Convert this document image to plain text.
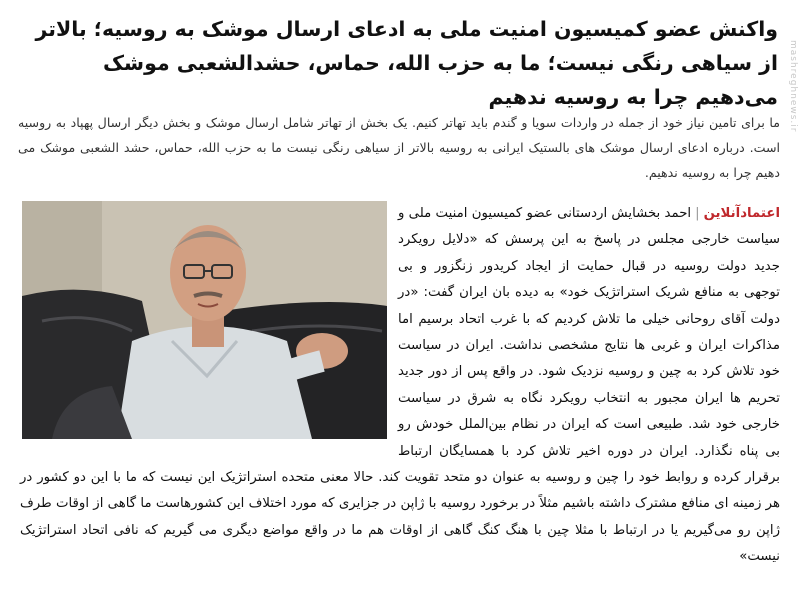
واکنش عضو کمیسیون امنیت ملی به ادعای ارسال موشک به روسیه؛ بالاتر از سیاهی رنگی نیست؛ ما به حزب الله، حماس، حشدالشعبی موشک می‌دهیم چرا به روسیه ندهیم

ما برای تامین نیاز خود از جمله در واردات سویا و گندم باید تهاتر کنیم. یک بخش از تهاتر شامل ارسال موشک و بخش دیگر ارسال پهپاد به روسیه است. درباره ادعای ارسال موشک های بالستیک ایرانی به روسیه بالاتر از سیاهی رنگی نیست ما به حزب الله، حماس، حشد الشعبی موشک می دهیم چرا به روسیه ندهیم.

اعتمادآنلاین|احمد بخشایش اردستانی عضو کمیسیون امنیت ملی و سیاست خارجی مجلس در پاسخ به این پرسش که «دلایل رویکرد جدید دولت روسیه در قبال حمایت از ایجاد کریدور زنگزور و بی توجهی به منافع شریک استراتژیک خود» به دیده بان ایران گفت: «در دولت آقای روحانی خیلی ما تلاش کردیم که با غرب اتحاد برسیم اما مذاکرات ایران و غربی ها نتایج مشخصی نداشت. ایران در سیاست خود تلاش کرد به چین و روسیه نزدیک شود. در واقع پس از دور جدید تحریم ها ایران مجبور به انتخاب رویکرد نگاه به شرق در سیاست خارجی خود شد. طبیعی است که ایران در نظام بین‌الملل خودش رو بی پناه نگذارد. ایران در دوره اخیر تلاش کرد با همسایگان ارتباط برقرار کرده و روابط خود را چین و روسیه به عنوان دو متحد تقویت کند. حالا معنی متحده استراتژیک این نیست که ما با این دو کشور در هر زمینه ای منافع مشترک داشته باشیم مثلاً در برخورد روسیه با ژاپن در جزایری که مورد اختلاف این کشورهاست ما گاهی از اوقات طرف ژاپن رو می‌گیریم یا در ارتباط با مثلا چین با هنگ کنگ گاهی از اوقات هم ما در واقع مواضع دیگری می گیریم که نافی اتحاد استراتژیک نیست»

mashreghnews.ir
